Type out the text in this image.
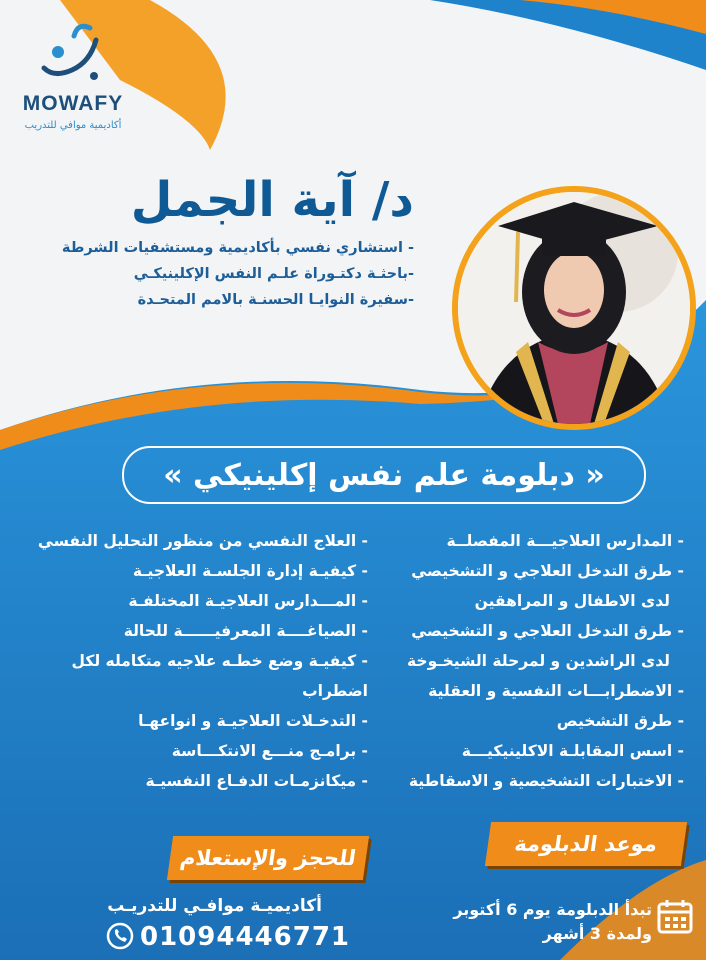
MOWAFY
أكاديمية موافي للتدريب
د/ آية الجمل
- استشاري نفسي بأكاديمية ومستشفيات الشرطة
-باحثـة دكتـوراة علـم النفس الإكلينيكـي
-سفيرة النوايـا الحسنـة بالامم المتحـدة
« دبلومة علم نفس إكلينيكي »
- المدارس العلاجيـــة المفصلــة
- طرق التدخل العلاجي و التشخيصي
لدى الاطفال و المراهقين
- طرق التدخل العلاجي و التشخيصي
لدى الراشدين و لمرحلة الشيخـوخة
- الاضطرابـــات النفسية و العقلية
- طرق التشخيص
- اسس المقابلـة الاكلينيكيـــة
- الاختبارات التشخيصية و الاسقاطية
- العلاج النفسي من منظور التحليل النفسي
- كيفيـة إدارة الجلسـة العلاجيـة
- المـــدارس العلاجيـة المختلفـة
- الصياغــــة المعرفيــــــة للحالة
- كيفيـة وضع خطـه علاجيه متكامله لكل اضطراب
- التدخـلات العلاجيـة و انواعهـا
- برامـج منـــع الانتكـــاسة
- ميكانزمـات الدفـاع النفسيـة
موعد الدبلومة
للحجز والإستعلام
تبدأ الدبلومة يوم 6 أكتوبر
ولمدة 3 أشهر
أكاديميـة موافـي للتدريـب
01094446771
